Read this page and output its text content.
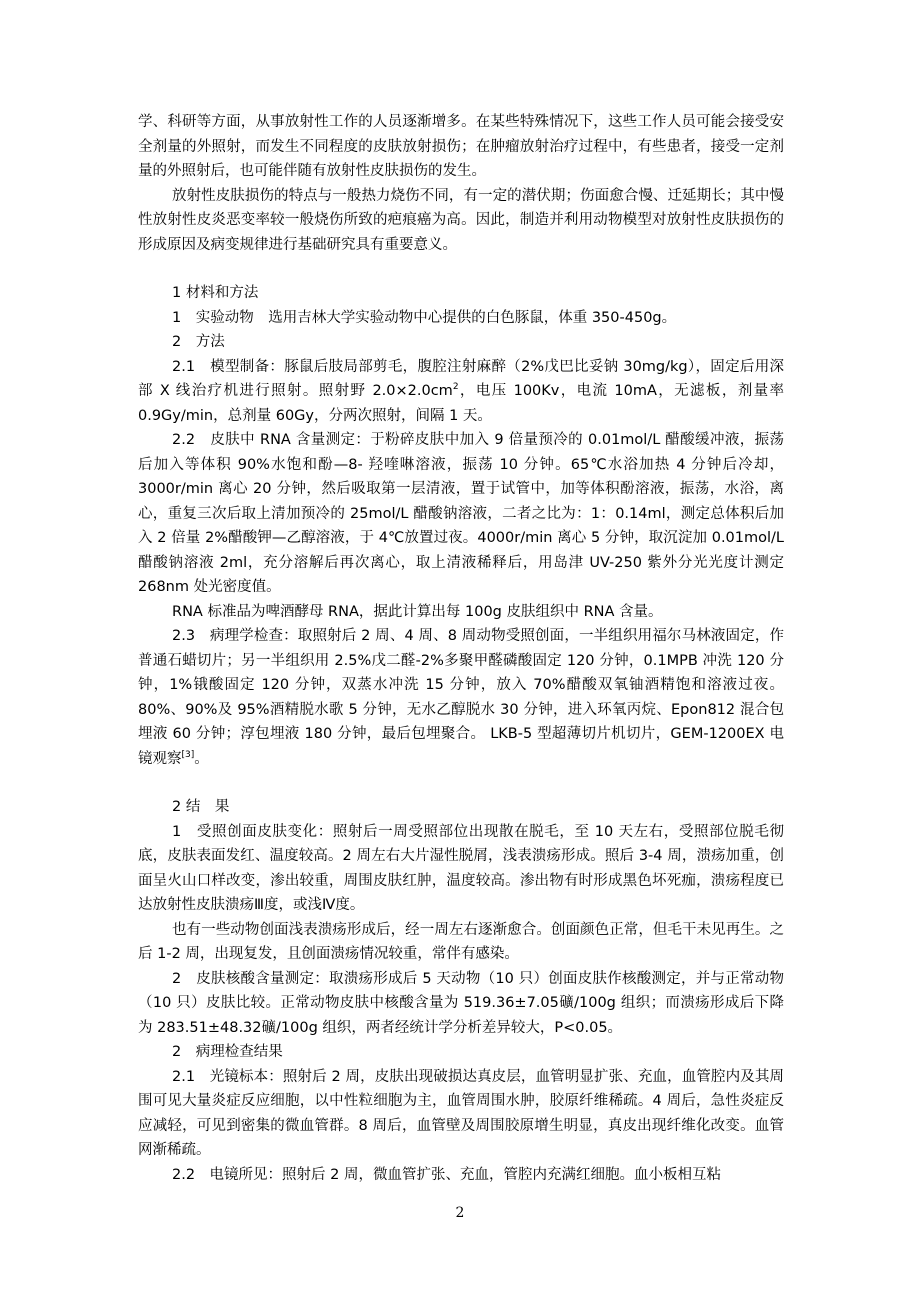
学、科研等方面，从事放射性工作的人员逐渐增多。在某些特殊情况下，这些工作人员可能会接受安全剂量的外照射，而发生不同程度的皮肤放射损伤；在肿瘤放射治疗过程中，有些患者，接受一定剂量的外照射后，也可能伴随有放射性皮肤损伤的发生。

放射性皮肤损伤的特点与一般热力烧伤不同，有一定的潜伏期；伤面愈合慢、迁延期长；其中慢性放射性皮炎恶变率较一般烧伤所致的疤痕癌为高。因此，制造并利用动物模型对放射性皮肤损伤的形成原因及病变规律进行基础研究具有重要意义。

1 材料和方法

1　实验动物　选用吉林大学实验动物中心提供的白色豚鼠，体重 350-450g。

2　方法

2.1　模型制备：豚鼠后肢局部剪毛，腹腔注射麻醉（2%戊巴比妥钠 30mg/kg），固定后用深部 X 线治疗机进行照射。照射野 $2.0\times 2.0cm^2$，电压 100Kv，电流 10mA，无滤板，剂量率 0.9Gy/min，总剂量 60Gy，分两次照射，间隔 1 天。

2.2　皮肤中 RNA 含量测定：于粉碎皮肤中加入 9 倍量预冷的 0.01mol/L 醋酸缓冲液，振荡后加入等体积 90%水饱和酚—8- 羟喹啉溶液，振荡 10 分钟。65℃水浴加热 4 分钟后冷却，3000r/min 离心 20 分钟，然后吸取第一层清液，置于试管中，加等体积酚溶液，振荡，水浴，离心，重复三次后取上清加预冷的 25mol/L 醋酸钠溶液，二者之比为：1：0.14ml，测定总体积后加入 2 倍量 2%醋酸钾—乙醇溶液，于 4℃放置过夜。4000r/min 离心 5 分钟，取沉淀加 0.01mol/L 醋酸钠溶液 2ml，充分溶解后再次离心，取上清液稀释后，用岛津 UV-250 紫外分光光度计测定 268nm 处光密度值。

RNA 标准品为啤酒酵母 RNA，据此计算出每 100g 皮肤组织中 RNA 含量。

2.3　病理学检查：取照射后 2 周、4 周、8 周动物受照创面，一半组织用福尔马林液固定，作普通石蜡切片；另一半组织用 2.5%戊二醛-2%多聚甲醛磷酸固定 120 分钟，0.1MPB 冲洗 120 分钟，1%锇酸固定 120 分钟，双蒸水冲洗 15 分钟，放入 70%醋酸双氧铀酒精饱和溶液过夜。80%、90%及 95%酒精脱水歌 5 分钟，无水乙醇脱水 30 分钟，进入环氧丙烷、Epon812 混合包埋液 60 分钟；淳包埋液 180 分钟，最后包埋聚合。 LKB-5 型超薄切片机切片，GEM-1200EX 电镜观察[3]。

2 结　果

1　受照创面皮肤变化：照射后一周受照部位出现散在脱毛，至 10 天左右，受照部位脱毛彻底，皮肤表面发红、温度较高。2 周左右大片湿性脱屑，浅表溃疡形成。照后 3-4 周，溃疡加重，创面呈火山口样改变，渗出较重，周围皮肤红肿，温度较高。渗出物有时形成黑色坏死痂，溃疡程度已达放射性皮肤溃疡Ⅲ度，或浅Ⅳ度。

也有一些动物创面浅表溃疡形成后，经一周左右逐渐愈合。创面颜色正常，但毛干未见再生。之后 1-2 周，出现复发，且创面溃疡情况较重，常伴有感染。

2　皮肤核酸含量测定：取溃疡形成后 5 天动物（10 只）创面皮肤作核酸测定，并与正常动物（10 只）皮肤比较。正常动物皮肤中核酸含量为 519.36±7.05礦/100g 组织；而溃疡形成后下降为 283.51±48.32礦/100g 组织，两者经统计学分析差异较大，P<0.05。

2　病理检查结果

2.1　光镜标本：照射后 2 周，皮肤出现破损达真皮层，血管明显扩张、充血，血管腔内及其周围可见大量炎症反应细胞，以中性粒细胞为主，血管周围水肿，胶原纤维稀疏。4 周后，急性炎症反应减轻，可见到密集的微血管群。8 周后，血管壁及周围胶原增生明显，真皮出现纤维化改变。血管网渐稀疏。

2.2　电镜所见：照射后 2 周，微血管扩张、充血，管腔内充满红细胞。血小板相互粘

2
